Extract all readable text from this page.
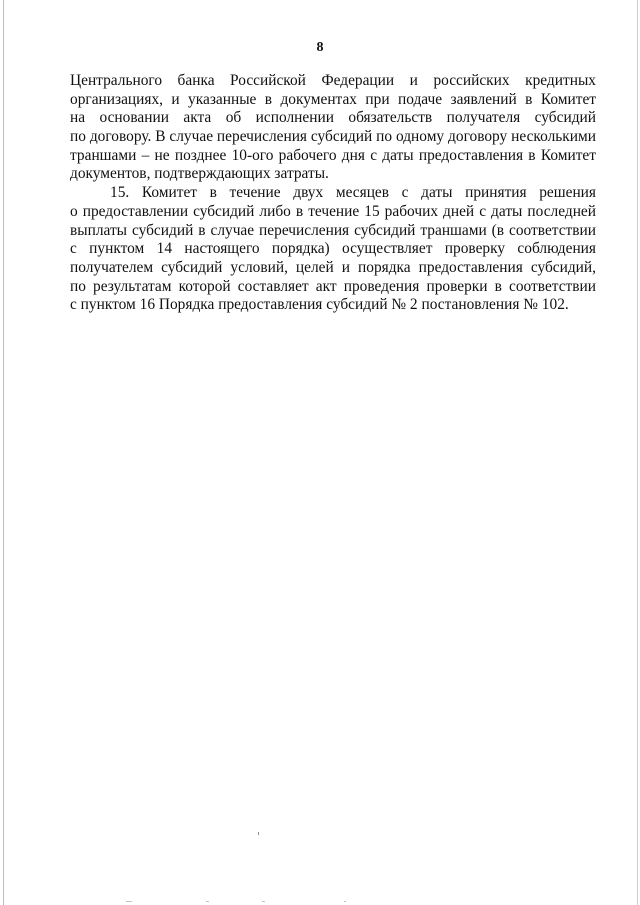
8
Центрального банка Российской Федерации и российских кредитных
организациях, и указанные в документах при подаче заявлений в Комитет
на основании акта об исполнении обязательств получателя субсидий
по договору. В случае перечисления субсидий по одному договору несколькими
траншами – не позднее 10-ого рабочего дня с даты предоставления в Комитет
документов, подтверждающих затраты.
15. Комитет в течение двух месяцев с даты принятия решения
о предоставлении субсидий либо в течение 15 рабочих дней с даты последней
выплаты субсидий в случае перечисления субсидий траншами (в соответствии
с пунктом 14 настоящего порядка) осуществляет проверку соблюдения
получателем субсидий условий, целей и порядка предоставления субсидий,
по результатам которой составляет акт проведения проверки в соответствии
с пунктом 16 Порядка предоставления субсидий № 2 постановления № 102.
